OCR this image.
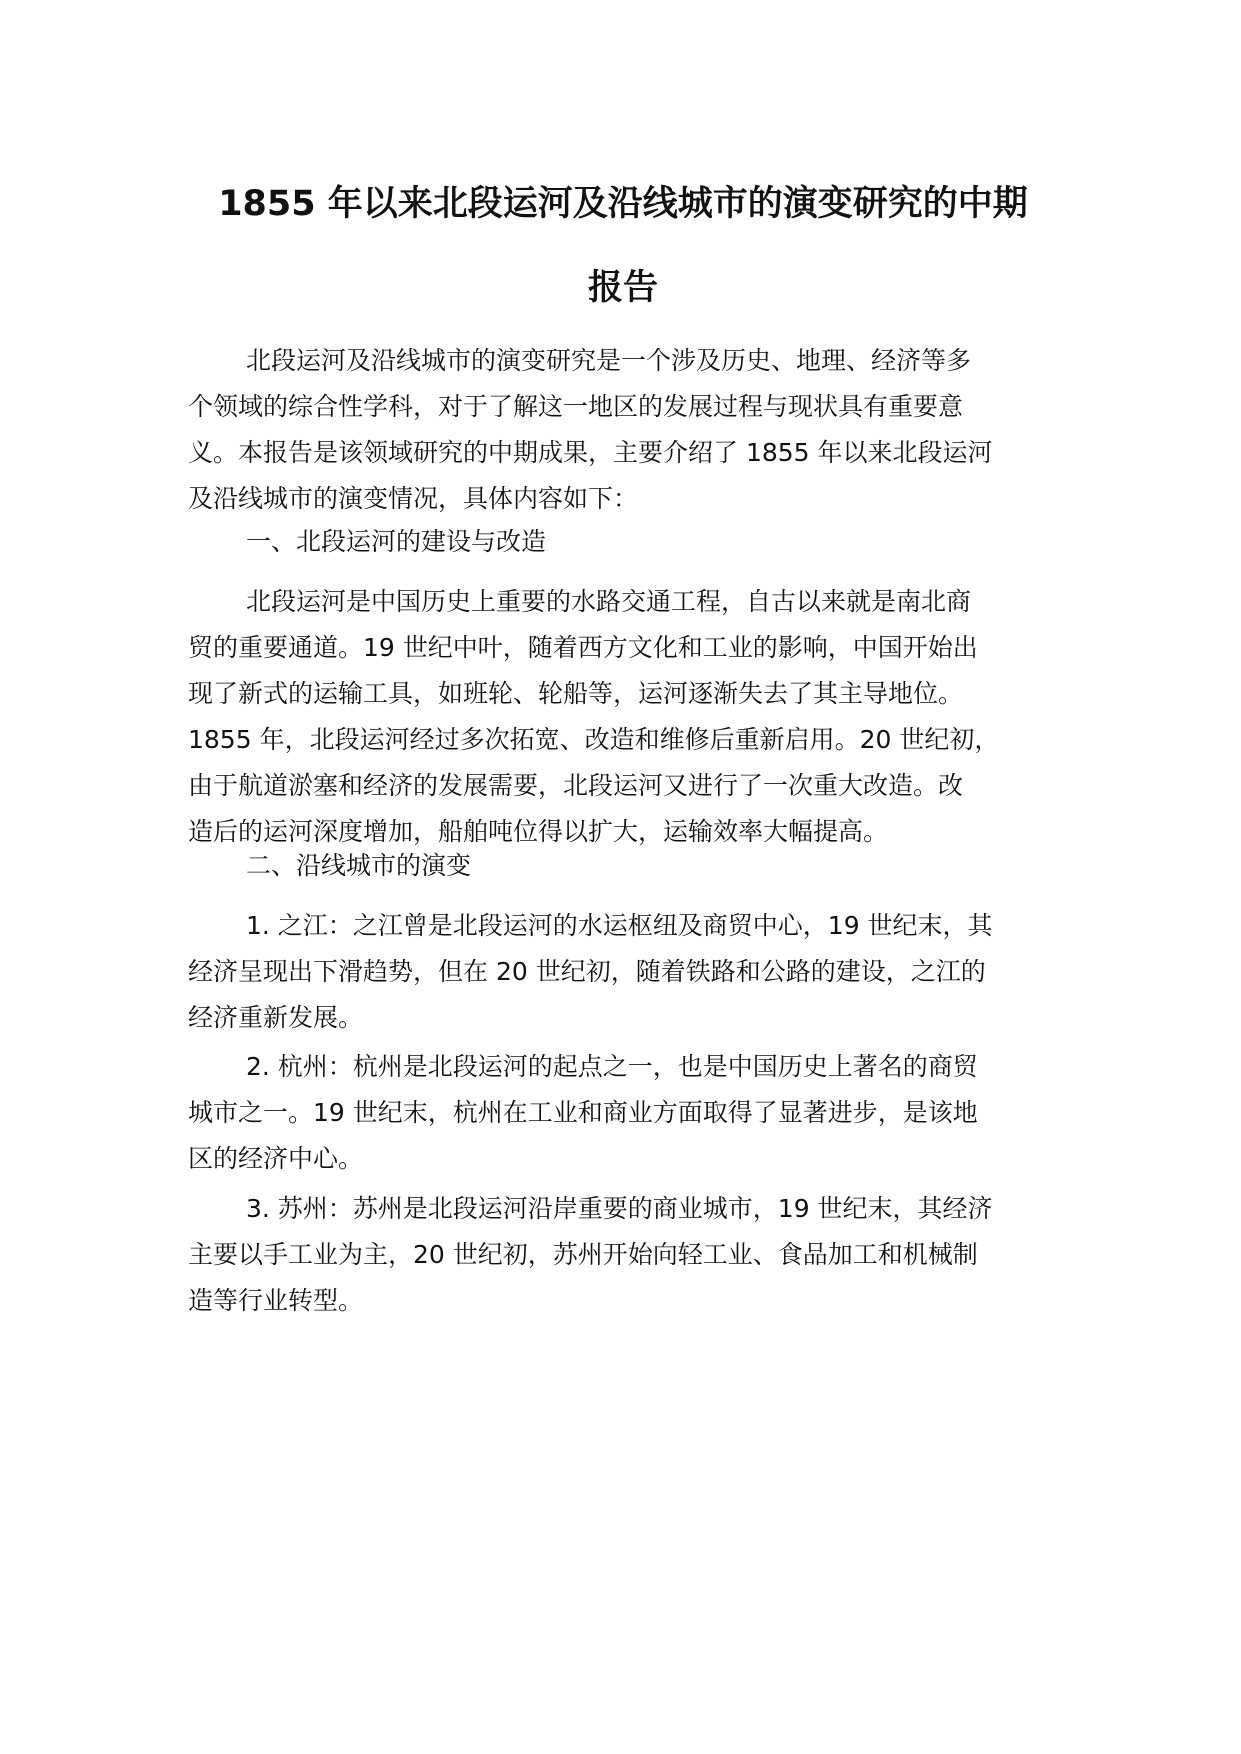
1855 年以来北段运河及沿线城市的演变研究的中期
报告
北段运河及沿线城市的演变研究是一个涉及历史、地理、经济等多
个领域的综合性学科，对于了解这一地区的发展过程与现状具有重要意
义。本报告是该领域研究的中期成果，主要介绍了 1855 年以来北段运河
及沿线城市的演变情况，具体内容如下：
一、北段运河的建设与改造
北段运河是中国历史上重要的水路交通工程，自古以来就是南北商
贸的重要通道。19 世纪中叶，随着西方文化和工业的影响，中国开始出
现了新式的运输工具，如班轮、轮船等，运河逐渐失去了其主导地位。
1855 年，北段运河经过多次拓宽、改造和维修后重新启用。20 世纪初，
由于航道淤塞和经济的发展需要，北段运河又进行了一次重大改造。改
造后的运河深度增加，船舶吨位得以扩大，运输效率大幅提高。
二、沿线城市的演变
1. 之江：之江曾是北段运河的水运枢纽及商贸中心，19 世纪末，其
经济呈现出下滑趋势，但在 20 世纪初，随着铁路和公路的建设，之江的
经济重新发展。
2. 杭州：杭州是北段运河的起点之一，也是中国历史上著名的商贸
城市之一。19 世纪末，杭州在工业和商业方面取得了显著进步，是该地
区的经济中心。
3. 苏州：苏州是北段运河沿岸重要的商业城市，19 世纪末，其经济
主要以手工业为主，20 世纪初，苏州开始向轻工业、食品加工和机械制
造等行业转型。
